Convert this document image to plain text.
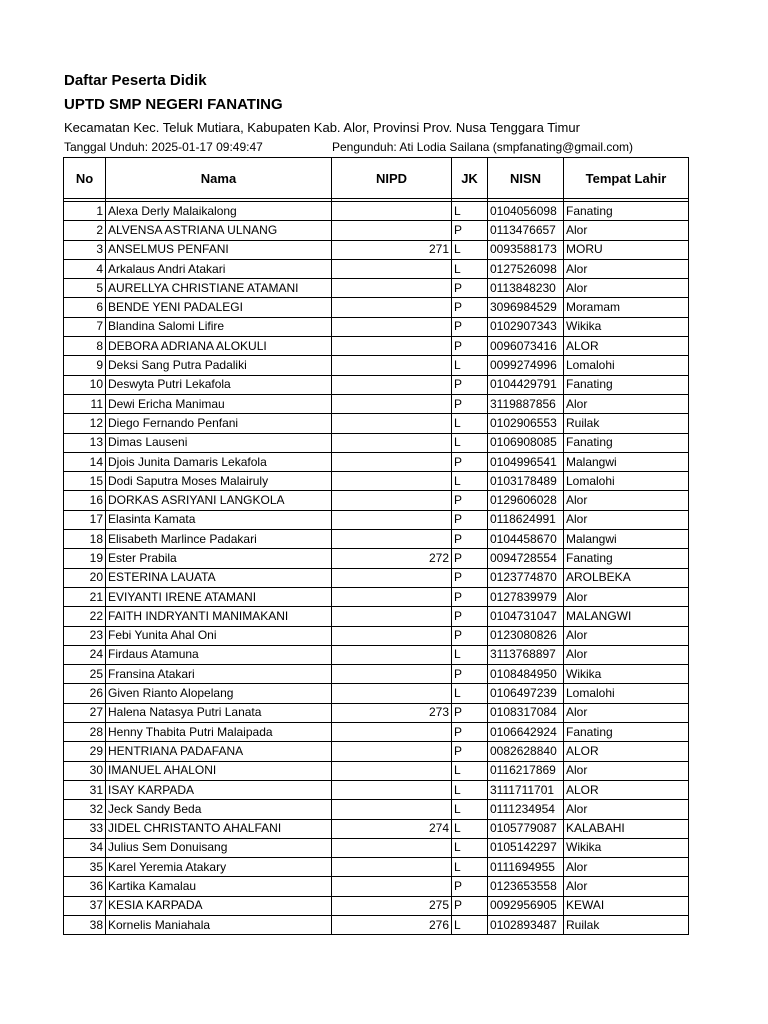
Daftar Peserta Didik
UPTD SMP NEGERI FANATING
Kecamatan Kec. Teluk Mutiara, Kabupaten Kab. Alor, Provinsi Prov. Nusa Tenggara Timur
Tanggal Unduh: 2025-01-17 09:49:47	Pengunduh: Ati Lodia Sailana (smpfanating@gmail.com)
No	Nama	NIPD	JK	NISN	Tempat Lahir

1	Alexa Derly Malaikalong		L	0104056098	Fanating
2	ALVENSA ASTRIANA ULNANG		P	0113476657	Alor
3	ANSELMUS PENFANI	271	L	0093588173	MORU
4	Arkalaus Andri Atakari		L	0127526098	Alor
5	AURELLYA CHRISTIANE ATAMANI		P	0113848230	Alor
6	BENDE YENI PADALEGI		P	3096984529	Moramam
7	Blandina Salomi Lifire		P	0102907343	Wikika
8	DEBORA ADRIANA ALOKULI		P	0096073416	ALOR
9	Deksi Sang Putra Padaliki		L	0099274996	Lomalohi
10	Deswyta Putri Lekafola		P	0104429791	Fanating
11	Dewi Ericha Manimau		P	3119887856	Alor
12	Diego Fernando Penfani		L	0102906553	Ruilak
13	Dimas Lauseni		L	0106908085	Fanating
14	Djois Junita Damaris Lekafola		P	0104996541	Malangwi
15	Dodi Saputra Moses Malairuly		L	0103178489	Lomalohi
16	DORKAS ASRIYANI LANGKOLA		P	0129606028	Alor
17	Elasinta Kamata		P	0118624991	Alor
18	Elisabeth Marlince Padakari		P	0104458670	Malangwi
19	Ester Prabila	272	P	0094728554	Fanating
20	ESTERINA LAUATA		P	0123774870	AROLBEKA
21	EVIYANTI IRENE ATAMANI		P	0127839979	Alor
22	FAITH INDRYANTI MANIMAKANI		P	0104731047	MALANGWI
23	Febi Yunita Ahal Oni		P	0123080826	Alor
24	Firdaus Atamuna		L	3113768897	Alor
25	Fransina Atakari		P	0108484950	Wikika
26	Given Rianto Alopelang		L	0106497239	Lomalohi
27	Halena Natasya Putri Lanata	273	P	0108317084	Alor
28	Henny Thabita Putri Malaipada		P	0106642924	Fanating
29	HENTRIANA PADAFANA		P	0082628840	ALOR
30	IMANUEL AHALONI		L	0116217869	Alor
31	ISAY KARPADA		L	3111711701	ALOR
32	Jeck Sandy Beda		L	0111234954	Alor
33	JIDEL CHRISTANTO AHALFANI	274	L	0105779087	KALABAHI
34	Julius Sem Donuisang		L	0105142297	Wikika
35	Karel Yeremia Atakary		L	0111694955	Alor
36	Kartika Kamalau		P	0123653558	Alor
37	KESIA KARPADA	275	P	0092956905	KEWAI
38	Kornelis Maniahala	276	L	0102893487	Ruilak
